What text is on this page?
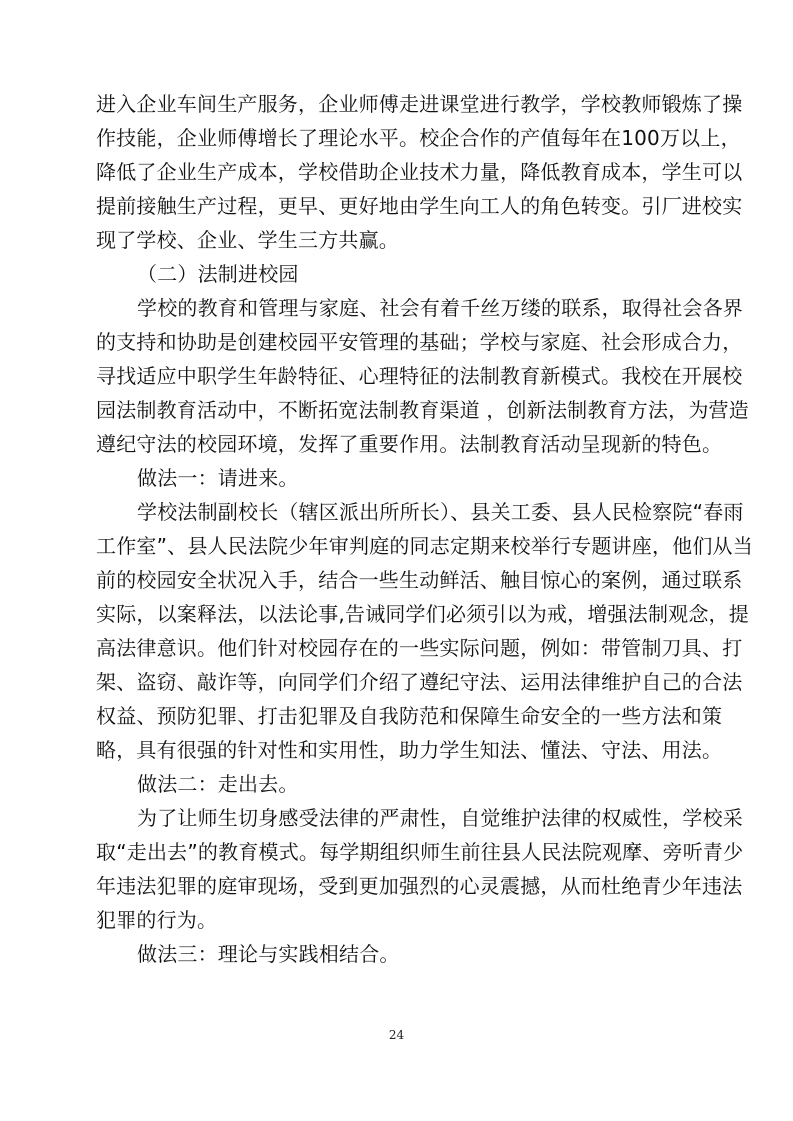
进入企业车间生产服务，企业师傅走进课堂进行教学，学校教师锻炼了操
作技能，企业师傅增长了理论水平。校企合作的产值每年在100万以上，
降低了企业生产成本，学校借助企业技术力量，降低教育成本，学生可以
提前接触生产过程，更早、更好地由学生向工人的角色转变。引厂进校实
现了学校、企业、学生三方共赢。
（二）法制进校园
学校的教育和管理与家庭、社会有着千丝万缕的联系，取得社会各界
的支持和协助是创建校园平安管理的基础；学校与家庭、社会形成合力，
寻找适应中职学生年龄特征、心理特征的法制教育新模式。我校在开展校
园法制教育活动中，不断拓宽法制教育渠道 ，创新法制教育方法，为营造
遵纪守法的校园环境，发挥了重要作用。法制教育活动呈现新的特色。
做法一：请进来。
学校法制副校长（辖区派出所所长）、县关工委、县人民检察院“春雨
工作室”、县人民法院少年审判庭的同志定期来校举行专题讲座，他们从当
前的校园安全状况入手，结合一些生动鲜活、触目惊心的案例，通过联系
实际，以案释法，以法论事,告诫同学们必须引以为戒，增强法制观念，提
高法律意识。他们针对校园存在的一些实际问题，例如：带管制刀具、打
架、盗窃、敲诈等，向同学们介绍了遵纪守法、运用法律维护自己的合法
权益、预防犯罪、打击犯罪及自我防范和保障生命安全的一些方法和策
略，具有很强的针对性和实用性，助力学生知法、懂法、守法、用法。
做法二：走出去。
为了让师生切身感受法律的严肃性，自觉维护法律的权威性，学校采
取“走出去”的教育模式。每学期组织师生前往县人民法院观摩、旁听青少
年违法犯罪的庭审现场，受到更加强烈的心灵震撼，从而杜绝青少年违法
犯罪的行为。
做法三：理论与实践相结合。
24
